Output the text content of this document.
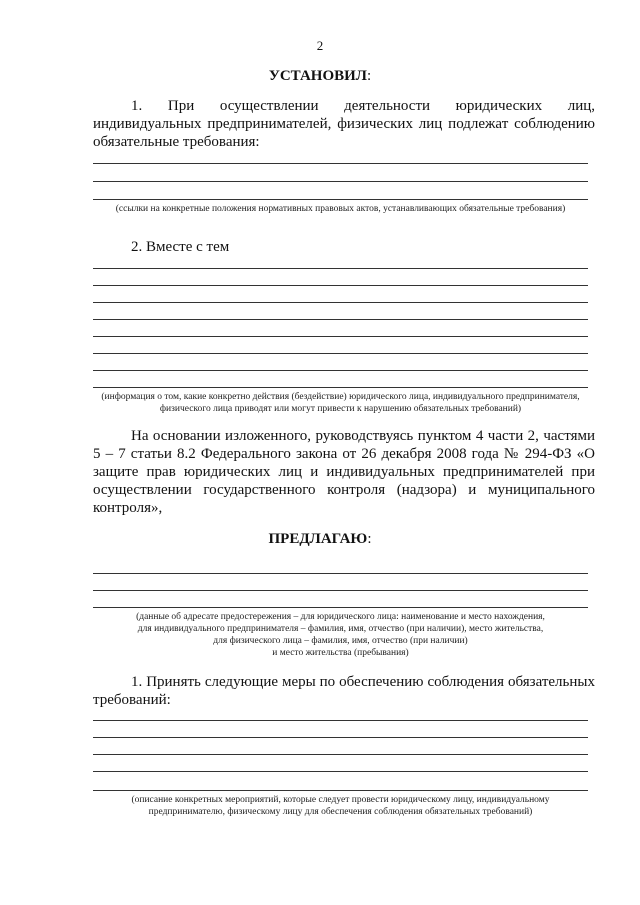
2
УСТАНОВИЛ:

1. При осуществлении деятельности юридических лиц, индивидуальных предпринимателей, физических лиц подлежат соблюдению обязательные требования:

(ссылки на конкретные положения нормативных правовых актов, устанавливающих обязательные требования)

2. Вместе с тем

(информация о том, какие конкретно действия (бездействие) юридического лица, индивидуального предпринимателя, физического лица приводят или могут привести к нарушению обязательных требований)

На основании изложенного, руководствуясь пунктом 4 части 2, частями 5 – 7 статьи 8.2 Федерального закона от 26 декабря 2008 года № 294-ФЗ «О защите прав юридических лиц и индивидуальных предпринимателей при осуществлении государственного контроля (надзора) и муниципального контроля»,

ПРЕДЛАГАЮ:
(данные об адресате предостережения – для юридического лица: наименование и место нахождения,
для индивидуального предпринимателя – фамилия, имя, отчество (при наличии), место жительства,
для физического лица – фамилия, имя, отчество (при наличии)
и место жительства (пребывания)

1. Принять следующие меры по обеспечению соблюдения обязательных требований:

(описание конкретных мероприятий, которые следует провести юридическому лицу, индивидуальному предпринимателю, физическому лицу для обеспечения соблюдения обязательных требований)
